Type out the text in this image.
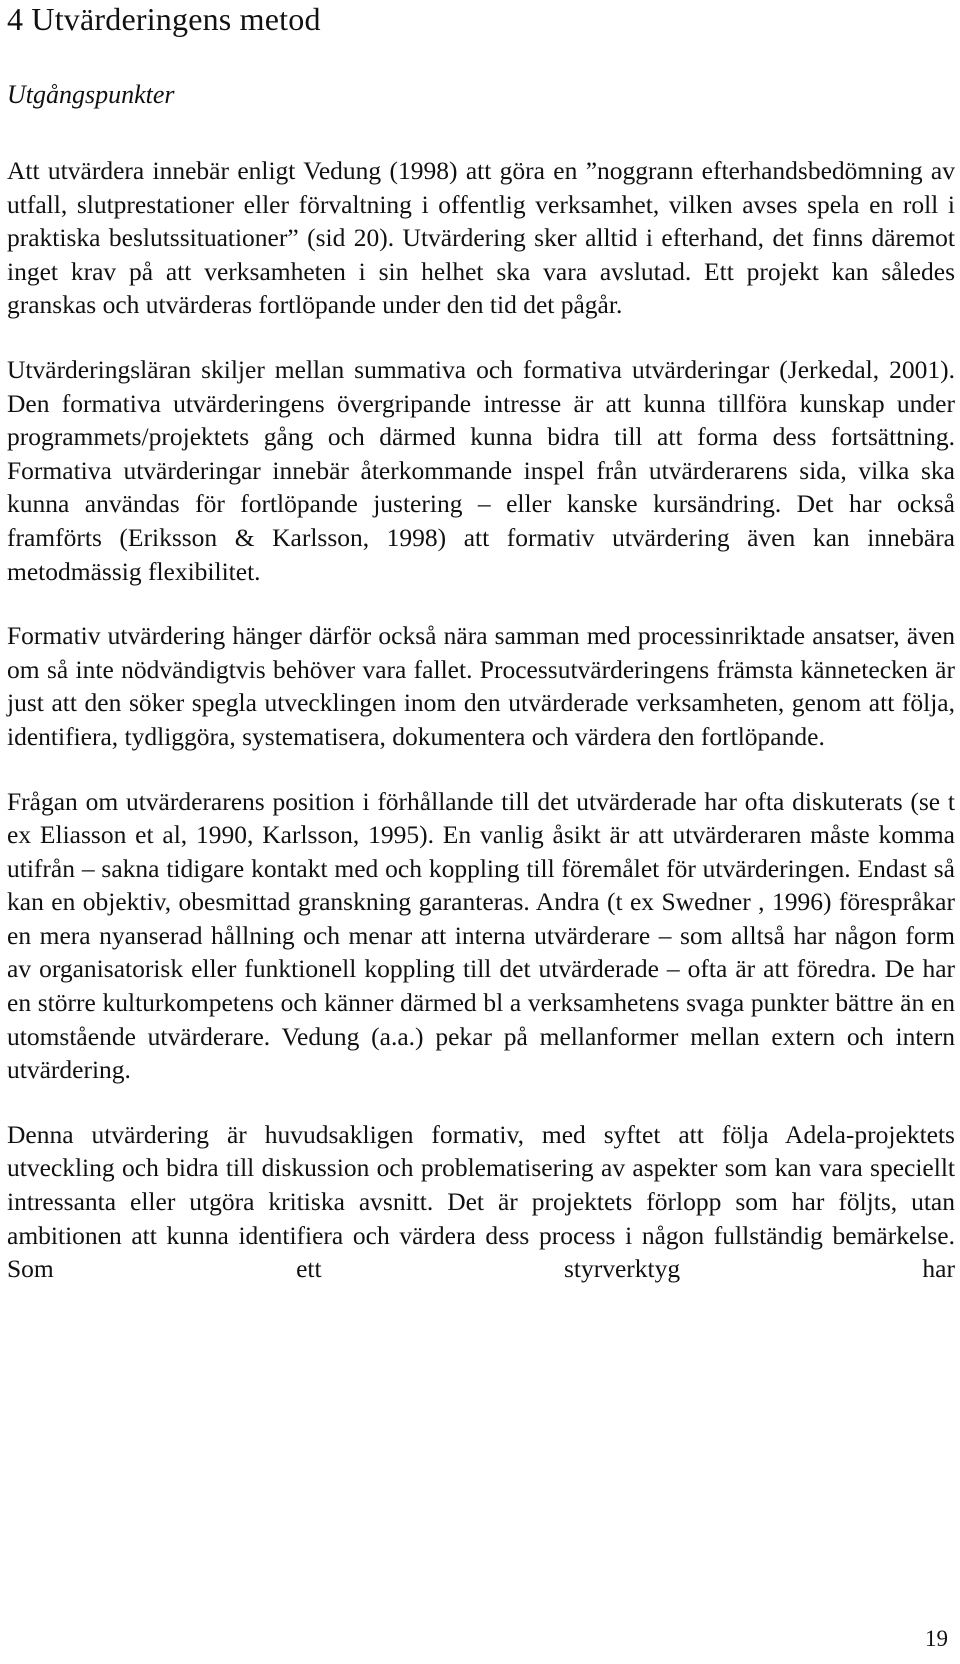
4 Utvärderingens metod
Utgångspunkter

Att utvärdera innebär enligt Vedung (1998) att göra en ”noggrann efterhandsbedömning av utfall, slutprestationer eller förvaltning i offentlig verksamhet, vilken avses spela en roll i praktiska beslutssituationer” (sid 20). Utvärdering sker alltid i efterhand, det finns däremot inget krav på att verksamheten i sin helhet ska vara avslutad. Ett projekt kan således granskas och utvärderas fortlöpande under den tid det pågår.

Utvärderingsläran skiljer mellan summativa och formativa utvärderingar (Jerkedal, 2001). Den formativa utvärderingens övergripande intresse är att kunna tillföra kunskap under programmets/projektets gång och därmed kunna bidra till att forma dess fortsättning. Formativa utvärderingar innebär återkommande inspel från utvärderarens sida, vilka ska kunna användas för fortlöpande justering – eller kanske kursändring. Det har också framförts (Eriksson & Karlsson, 1998) att formativ utvärdering även kan innebära metodmässig flexibilitet.

Formativ utvärdering hänger därför också nära samman med processinriktade ansatser, även om så inte nödvändigtvis behöver vara fallet. Processutvärderingens främsta kännetecken är just att den söker spegla utvecklingen inom den utvärderade verksamheten, genom att följa, identifiera, tydliggöra, systematisera, dokumentera och värdera den fortlöpande.

Frågan om utvärderarens position i förhållande till det utvärderade har ofta diskuterats (se t ex Eliasson et al, 1990, Karlsson, 1995). En vanlig åsikt är att utvärderaren måste komma utifrån – sakna tidigare kontakt med och koppling till föremålet för utvärderingen. Endast så kan en objektiv, obesmittad granskning garanteras. Andra (t ex Swedner , 1996) förespråkar en mera nyanserad hållning och menar att interna utvärderare – som alltså har någon form av organisatorisk eller funktionell koppling till det utvärderade – ofta är att föredra. De har en större kulturkompetens och känner därmed bl a verksamhetens svaga punkter bättre än en utomstående utvärderare. Vedung (a.a.) pekar på mellanformer mellan extern och intern utvärdering.

Denna utvärdering är huvudsakligen formativ, med syftet att följa Adela-projektets utveckling och bidra till diskussion och problematisering av aspekter som kan vara speciellt intressanta eller utgöra kritiska avsnitt. Det är projektets förlopp som har följts, utan ambitionen att kunna identifiera och värdera dess process i någon fullständig bemärkelse. Som ett styrverktyg har

19
